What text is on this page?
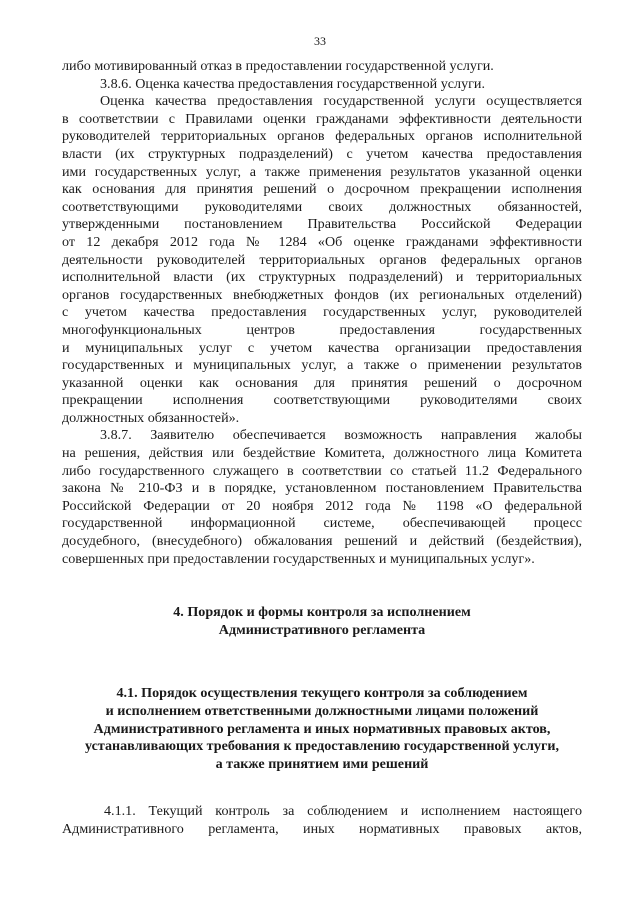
33
либо мотивированный отказ в предоставлении государственной услуги.
3.8.6. Оценка качества предоставления государственной услуги.
Оценка качества предоставления государственной услуги осуществляется
в соответствии с Правилами оценки гражданами эффективности деятельности
руководителей территориальных органов федеральных органов исполнительной
власти (их структурных подразделений) с учетом качества предоставления
ими государственных услуг, а также применения результатов указанной оценки
как основания для принятия решений о досрочном прекращении исполнения
соответствующими руководителями своих должностных обязанностей,
утвержденными постановлением Правительства Российской Федерации
от 12 декабря 2012 года № 1284 «Об оценке гражданами эффективности
деятельности руководителей территориальных органов федеральных органов
исполнительной власти (их структурных подразделений) и территориальных
органов государственных внебюджетных фондов (их региональных отделений)
с учетом качества предоставления государственных услуг, руководителей
многофункциональных центров предоставления государственных
и муниципальных услуг с учетом качества организации предоставления
государственных и муниципальных услуг, а также о применении результатов
указанной оценки как основания для принятия решений о досрочном
прекращении исполнения соответствующими руководителями своих
должностных обязанностей».
3.8.7. Заявителю обеспечивается возможность направления жалобы
на решения, действия или бездействие Комитета, должностного лица Комитета
либо государственного служащего в соответствии со статьей 11.2 Федерального
закона № 210-ФЗ и в порядке, установленном постановлением Правительства
Российской Федерации от 20 ноября 2012 года № 1198 «О федеральной
государственной информационной системе, обеспечивающей процесс
досудебного, (внесудебного) обжалования решений и действий (бездействия),
совершенных при предоставлении государственных и муниципальных услуг».
4. Порядок и формы контроля за исполнением
Административного регламента
4.1. Порядок осуществления текущего контроля за соблюдением
и исполнением ответственными должностными лицами положений
Административного регламента и иных нормативных правовых актов,
устанавливающих требования к предоставлению государственной услуги,
а также принятием ими решений
4.1.1. Текущий контроль за соблюдением и исполнением настоящего
Административного регламента, иных нормативных правовых актов,
